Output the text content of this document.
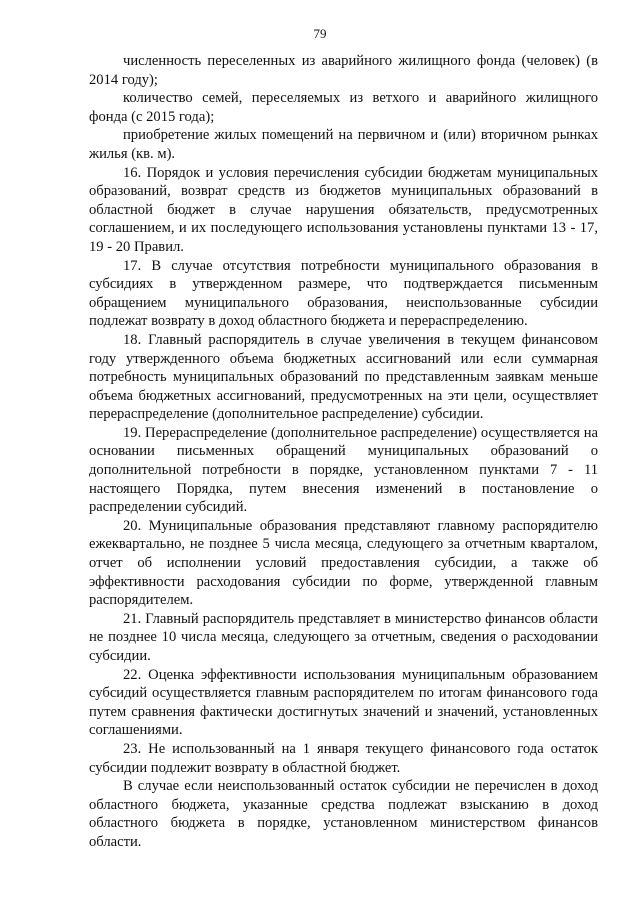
79

численность переселенных из аварийного жилищного фонда (человек) (в 2014 году);

количество семей, переселяемых из ветхого и аварийного жилищного фонда (с 2015 года);

приобретение жилых помещений на первичном и (или) вторичном рынках жилья (кв. м).

16. Порядок и условия перечисления субсидии бюджетам муниципальных образований, возврат средств из бюджетов муниципальных образований в областной бюджет в случае нарушения обязательств, предусмотренных соглашением, и их последующего использования установлены пунктами 13 - 17, 19 - 20 Правил.

17. В случае отсутствия потребности муниципального образования в субсидиях в утвержденном размере, что подтверждается письменным обращением муниципального образования, неиспользованные субсидии подлежат возврату в доход областного бюджета и перераспределению.

18. Главный распорядитель в случае увеличения в текущем финансовом году утвержденного объема бюджетных ассигнований или если суммарная потребность муниципальных образований по представленным заявкам меньше объема бюджетных ассигнований, предусмотренных на эти цели, осуществляет перераспределение (дополнительное распределение) субсидии.

19. Перераспределение (дополнительное распределение) осуществляется на основании письменных обращений муниципальных образований о дополнительной потребности в порядке, установленном пунктами 7 - 11 настоящего Порядка, путем внесения изменений в постановление о распределении субсидий.

20. Муниципальные образования представляют главному распорядителю ежеквартально, не позднее 5 числа месяца, следующего за отчетным кварталом, отчет об исполнении условий предоставления субсидии, а также об эффективности расходования субсидии по форме, утвержденной главным распорядителем.

21. Главный распорядитель представляет в министерство финансов области не позднее 10 числа месяца, следующего за отчетным, сведения о расходовании субсидии.

22. Оценка эффективности использования муниципальным образованием субсидий осуществляется главным распорядителем по итогам финансового года путем сравнения фактически достигнутых значений и значений, установленных соглашениями.

23. Не использованный на 1 января текущего финансового года остаток субсидии подлежит возврату в областной бюджет.

В случае если неиспользованный остаток субсидии не перечислен в доход областного бюджета, указанные средства подлежат взысканию в доход областного бюджета в порядке, установленном министерством финансов области.
